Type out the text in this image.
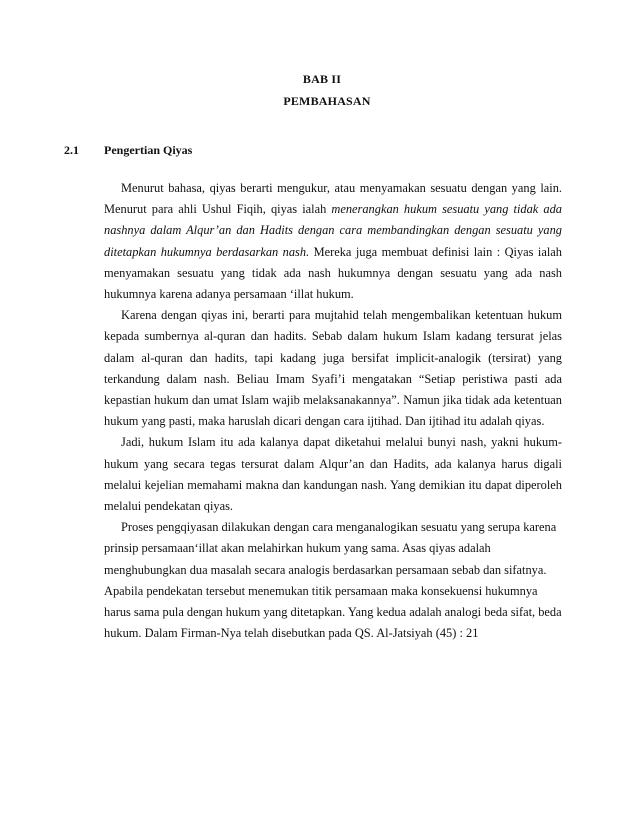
BAB II
PEMBAHASAN
2.1 Pengertian Qiyas

Menurut bahasa, qiyas berarti mengukur, atau menyamakan sesuatu dengan yang lain. Menurut para ahli Ushul Fiqih, qiyas ialah menerangkan hukum sesuatu yang tidak ada nashnya dalam Alqur’an dan Hadits dengan cara membandingkan dengan sesuatu yang ditetapkan hukumnya berdasarkan nash. Mereka juga membuat definisi lain : Qiyas ialah menyamakan sesuatu yang tidak ada nash hukumnya dengan sesuatu yang ada nash hukumnya karena adanya persamaan ‘illat hukum.

Karena dengan qiyas ini, berarti para mujtahid telah mengembalikan ketentuan hukum kepada sumbernya al-quran dan hadits. Sebab dalam hukum Islam kadang tersurat jelas dalam al-quran dan hadits, tapi kadang juga bersifat implicit-analogik (tersirat) yang terkandung dalam nash. Beliau Imam Syafi’i mengatakan “Setiap peristiwa pasti ada kepastian hukum dan umat Islam wajib melaksanakannya”. Namun jika tidak ada ketentuan hukum yang pasti, maka haruslah dicari dengan cara ijtihad. Dan ijtihad itu adalah qiyas.

Jadi, hukum Islam itu ada kalanya dapat diketahui melalui bunyi nash, yakni hukum-hukum yang secara tegas tersurat dalam Alqur’an dan Hadits, ada kalanya harus digali melalui kejelian memahami makna dan kandungan nash. Yang demikian itu dapat diperoleh melalui pendekatan qiyas.

Proses pengqiyasan dilakukan dengan cara menganalogikan sesuatu yang serupa karena prinsip persamaan‘illat akan melahirkan hukum yang sama. Asas qiyas adalah menghubungkan dua masalah secara analogis berdasarkan persamaan sebab dan sifatnya. Apabila pendekatan tersebut menemukan titik persamaan maka konsekuensi hukumnya harus sama pula dengan hukum yang ditetapkan. Yang kedua adalah analogi beda sifat, beda hukum. Dalam Firman-Nya telah disebutkan pada QS. Al-Jatsiyah (45) : 21
